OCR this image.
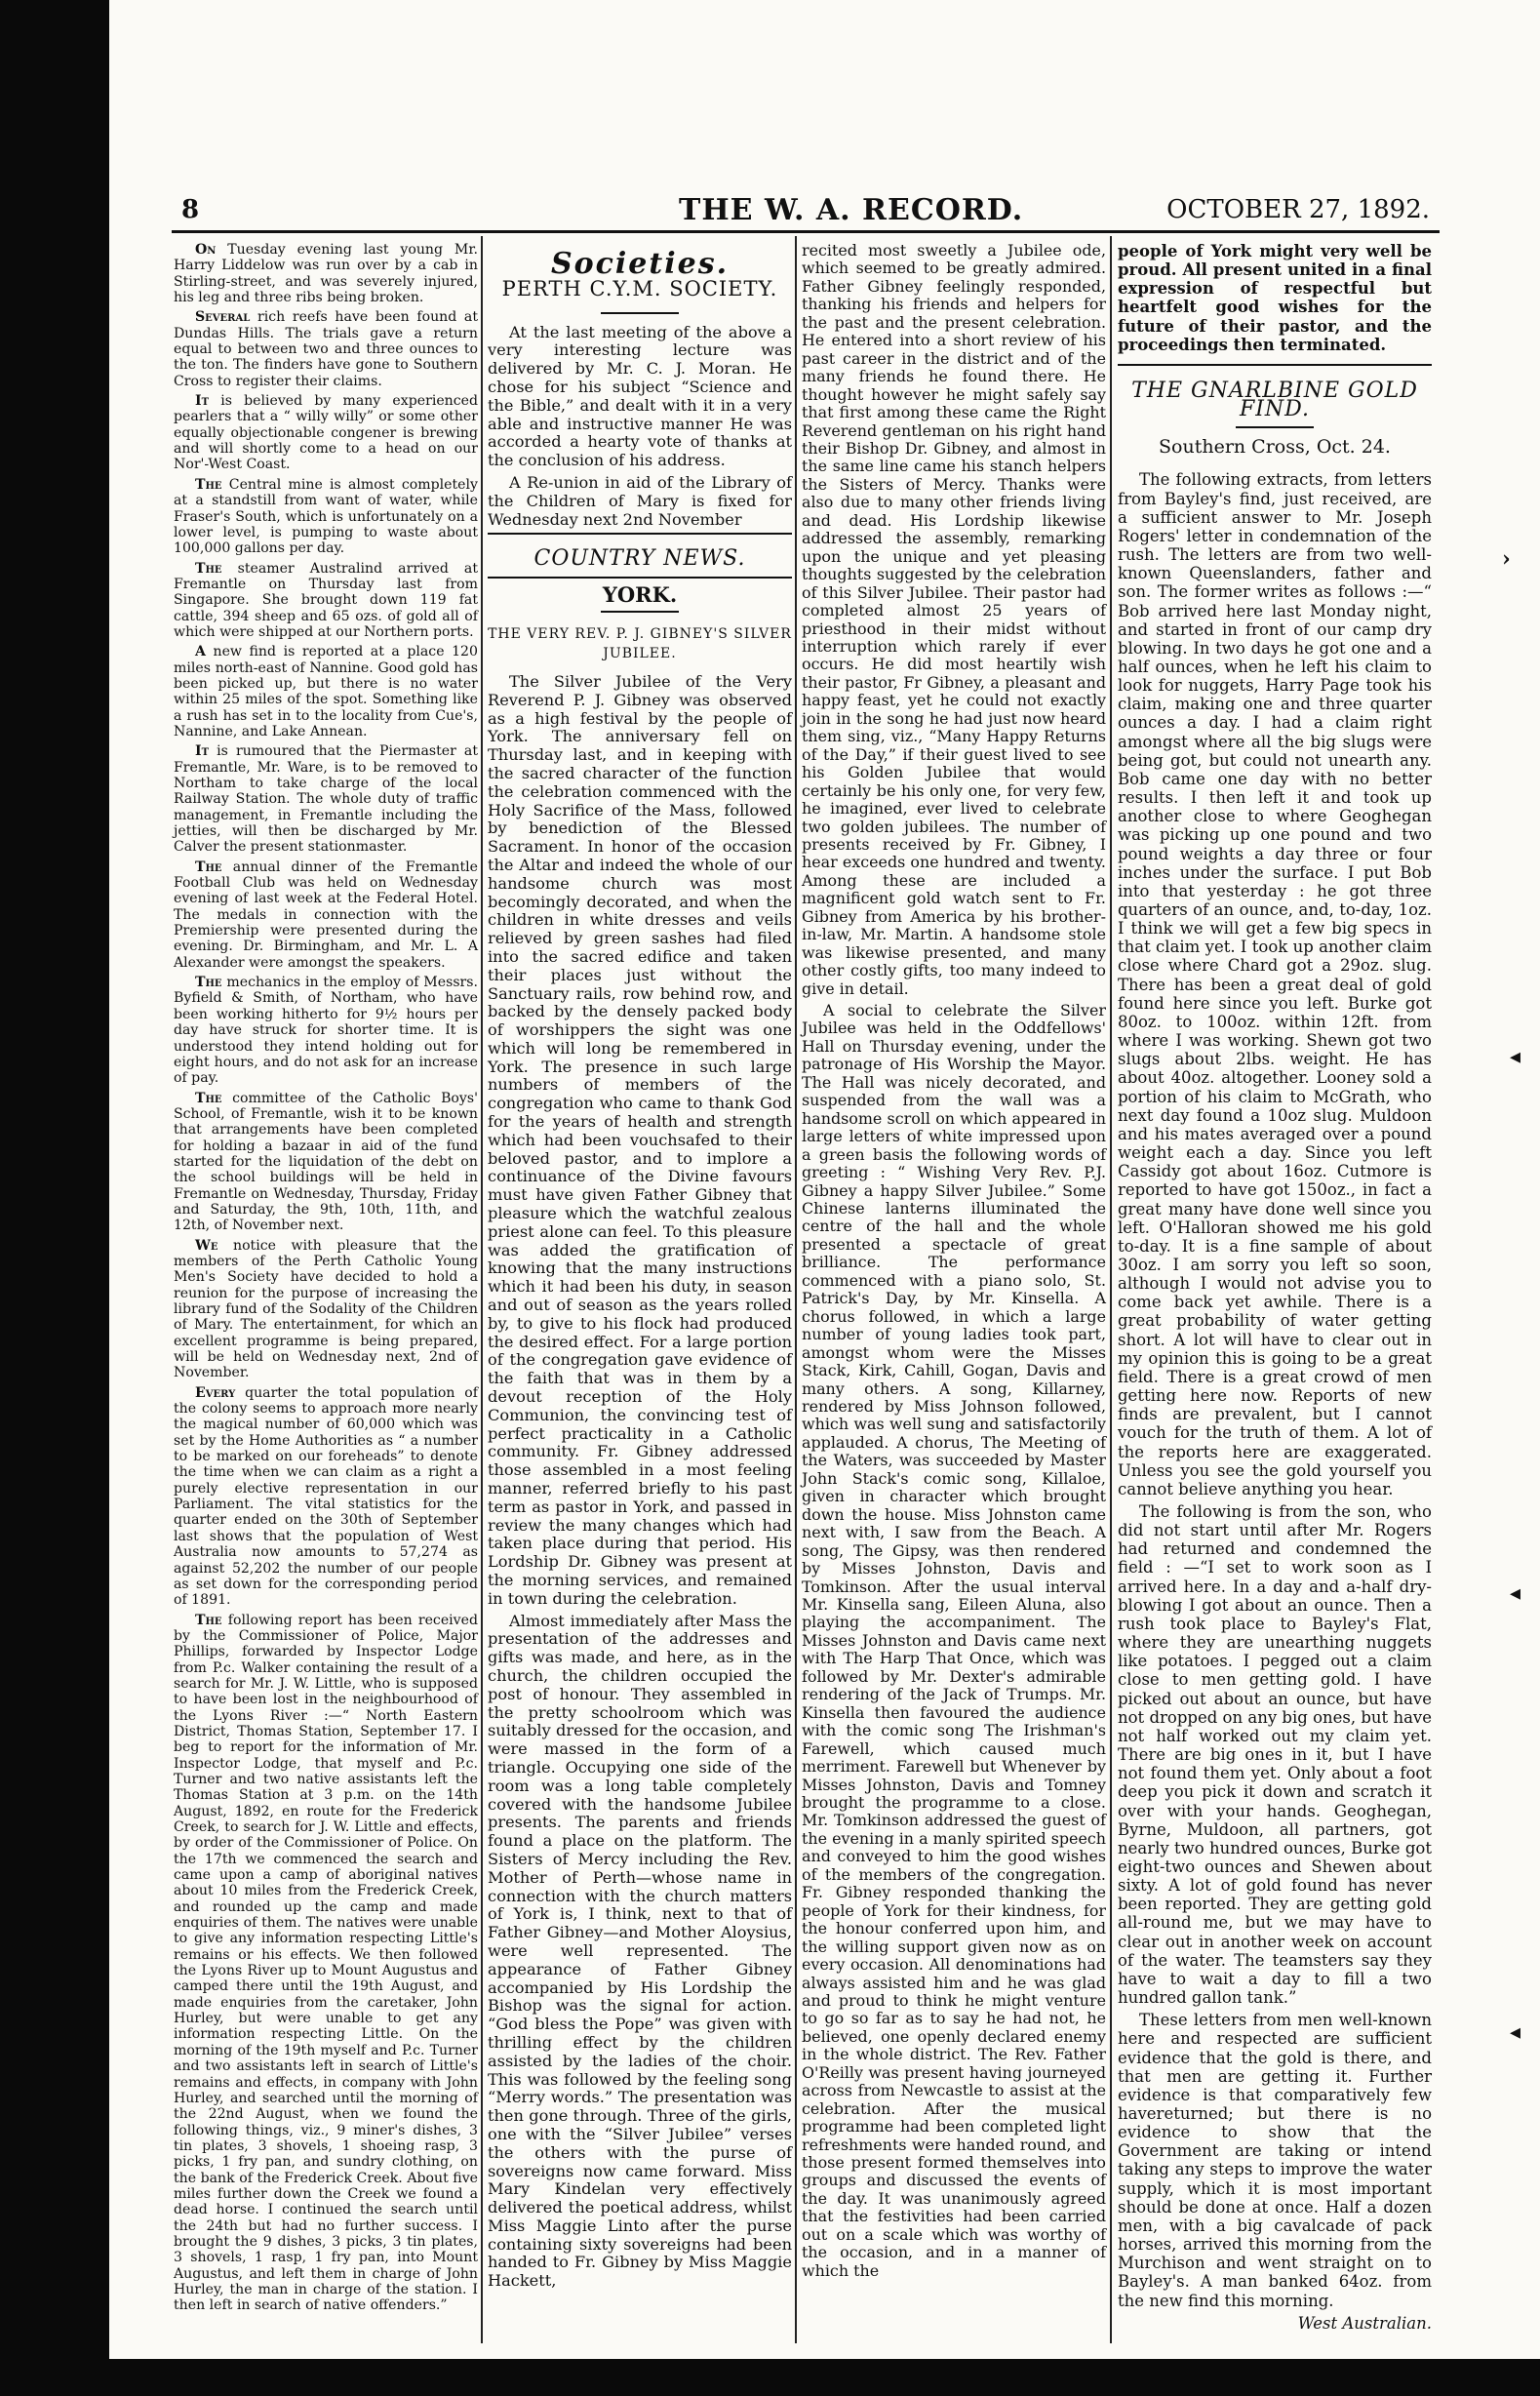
8	THE W. A. RECORD.	OCTOBER 27, 1892.

On Tuesday evening last young Mr. Harry Liddelow was run over by a cab in Stirling-street, and was severely injured, his leg and three ribs being broken.

Several rich reefs have been found at Dundas Hills. The trials gave a return equal to between two and three ounces to the ton. The finders have gone to Southern Cross to register their claims.

It is believed by many experienced pearlers that a “ willy willy” or some other equally objectionable congener is brewing and will shortly come to a head on our Nor'-West Coast.

The Central mine is almost completely at a standstill from want of water, while Fraser's South, which is unfortunately on a lower level, is pumping to waste about 100,000 gallons per day.

The steamer Australind arrived at Fremantle on Thursday last from Singapore. She brought down 119 fat cattle, 394 sheep and 65 ozs. of gold all of which were shipped at our Northern ports.

A new find is reported at a place 120 miles north-east of Nannine. Good gold has been picked up, but there is no water within 25 miles of the spot. Something like a rush has set in to the locality from Cue's, Nannine, and Lake Annean.

It is rumoured that the Piermaster at Fremantle, Mr. Ware, is to be removed to Northam to take charge of the local Railway Station. The whole duty of traffic management, in Fremantle including the jetties, will then be discharged by Mr. Calver the present stationmaster.

The annual dinner of the Fremantle Football Club was held on Wednesday evening of last week at the Federal Hotel. The medals in connection with the Premiership were presented during the evening. Dr. Birmingham, and Mr. L. A Alexander were amongst the speakers.

The mechanics in the employ of Messrs. Byfield & Smith, of Northam, who have been working hitherto for 9½ hours per day have struck for shorter time. It is understood they intend holding out for eight hours, and do not ask for an increase of pay.

The committee of the Catholic Boys' School, of Fremantle, wish it to be known that arrangements have been completed for holding a bazaar in aid of the fund started for the liquidation of the debt on the school buildings will be held in Fremantle on Wednesday, Thursday, Friday and Saturday, the 9th, 10th, 11th, and 12th, of November next.

We notice with pleasure that the members of the Perth Catholic Young Men's Society have decided to hold a reunion for the purpose of increasing the library fund of the Sodality of the Children of Mary. The entertainment, for which an excellent programme is being prepared, will be held on Wednesday next, 2nd of November.

Every quarter the total population of the colony seems to approach more nearly the magical number of 60,000 which was set by the Home Authorities as “ a number to be marked on our foreheads” to denote the time when we can claim as a right a purely elective representation in our Parliament. The vital statistics for the quarter ended on the 30th of September last shows that the population of West Australia now amounts to 57,274 as against 52,202 the number of our people as set down for the corresponding period of 1891.

The following report has been received by the Commissioner of Police, Major Phillips, forwarded by Inspector Lodge from P.c. Walker containing the result of a search for Mr. J. W. Little, who is supposed to have been lost in the neighbourhood of the Lyons River :—“ North Eastern District, Thomas Station, September 17. I beg to report for the information of Mr. Inspector Lodge, that myself and P.c. Turner and two native assistants left the Thomas Station at 3 p.m. on the 14th August, 1892, en route for the Frederick Creek, to search for J. W. Little and effects, by order of the Commissioner of Police. On the 17th we commenced the search and came upon a camp of aboriginal natives about 10 miles from the Frederick Creek, and rounded up the camp and made enquiries of them. The natives were unable to give any information respecting Little's remains or his effects. We then followed the Lyons River up to Mount Augustus and camped there until the 19th August, and made enquiries from the caretaker, John Hurley, but were unable to get any information respecting Little. On the morning of the 19th myself and P.c. Turner and two assistants left in search of Little's remains and effects, in company with John Hurley, and searched until the morning of the 22nd August, when we found the following things, viz., 9 miner's dishes, 3 tin plates, 3 shovels, 1 shoeing rasp, 3 picks, 1 fry pan, and sundry clothing, on the bank of the Frederick Creek. About five miles further down the Creek we found a dead horse. I continued the search until the 24th but had no further success. I brought the 9 dishes, 3 picks, 3 tin plates, 3 shovels, 1 rasp, 1 fry pan, into Mount Augustus, and left them in charge of John Hurley, the man in charge of the station. I then left in search of native offenders.”

Societies.
PERTH C.Y.M. SOCIETY.

At the last meeting of the above a very interesting lecture was delivered by Mr. C. J. Moran. He chose for his subject “Science and the Bible,” and dealt with it in a very able and instructive manner He was accorded a hearty vote of thanks at the conclusion of his address.

A Re-union in aid of the Library of the Children of Mary is fixed for Wednesday next 2nd November

COUNTRY NEWS.
YORK.
THE VERY REV. P. J. GIBNEY'S SILVER JUBILEE.

The Silver Jubilee of the Very Reverend P. J. Gibney was observed as a high festival by the people of York. The anniversary fell on Thursday last, and in keeping with the sacred character of the function the celebration commenced with the Holy Sacrifice of the Mass, followed by benediction of the Blessed Sacrament. In honor of the occasion the Altar and indeed the whole of our handsome church was most becomingly decorated, and when the children in white dresses and veils relieved by green sashes had filed into the sacred edifice and taken their places just without the Sanctuary rails, row behind row, and backed by the densely packed body of worshippers the sight was one which will long be remembered in York. The presence in such large numbers of members of the congregation who came to thank God for the years of health and strength which had been vouchsafed to their beloved pastor, and to implore a continuance of the Divine favours must have given Father Gibney that pleasure which the watchful zealous priest alone can feel. To this pleasure was added the gratification of knowing that the many instructions which it had been his duty, in season and out of season as the years rolled by, to give to his flock had produced the desired effect. For a large portion of the congregation gave evidence of the faith that was in them by a devout reception of the Holy Communion, the convincing test of perfect practicality in a Catholic community. Fr. Gibney addressed those assembled in a most feeling manner, referred briefly to his past term as pastor in York, and passed in review the many changes which had taken place during that period. His Lordship Dr. Gibney was present at the morning services, and remained in town during the celebration.

Almost immediately after Mass the presentation of the addresses and gifts was made, and here, as in the church, the children occupied the post of honour. They assembled in the pretty schoolroom which was suitably dressed for the occasion, and were massed in the form of a triangle. Occupying one side of the room was a long table completely covered with the handsome Jubilee presents. The parents and friends found a place on the platform. The Sisters of Mercy including the Rev. Mother of Perth—whose name in connection with the church matters of York is, I think, next to that of Father Gibney—and Mother Aloysius, were well represented. The appearance of Father Gibney accompanied by His Lordship the Bishop was the signal for action. “God bless the Pope” was given with thrilling effect by the children assisted by the ladies of the choir. This was followed by the feeling song “Merry words.” The presentation was then gone through. Three of the girls, one with the “Silver Jubilee” verses the others with the purse of sovereigns now came forward. Miss Mary Kindelan very effectively delivered the poetical address, whilst Miss Maggie Linto after the purse containing sixty sovereigns had been handed to Fr. Gibney by Miss Maggie Hackett,

recited most sweetly a Jubilee ode, which seemed to be greatly admired. Father Gibney feelingly responded, thanking his friends and helpers for the past and the present celebration. He entered into a short review of his past career in the district and of the many friends he found there. He thought however he might safely say that first among these came the Right Reverend gentleman on his right hand their Bishop Dr. Gibney, and almost in the same line came his stanch helpers the Sisters of Mercy. Thanks were also due to many other friends living and dead. His Lordship likewise addressed the assembly, remarking upon the unique and yet pleasing thoughts suggested by the celebration of this Silver Jubilee. Their pastor had completed almost 25 years of priesthood in their midst without interruption which rarely if ever occurs. He did most heartily wish their pastor, Fr Gibney, a pleasant and happy feast, yet he could not exactly join in the song he had just now heard them sing, viz., “Many Happy Returns of the Day,” if their guest lived to see his Golden Jubilee that would certainly be his only one, for very few, he imagined, ever lived to celebrate two golden jubilees. The number of presents received by Fr. Gibney, I hear exceeds one hundred and twenty. Among these are included a magnificent gold watch sent to Fr. Gibney from America by his brother-in-law, Mr. Martin. A handsome stole was likewise presented, and many other costly gifts, too many indeed to give in detail.

A social to celebrate the Silver Jubilee was held in the Oddfellows' Hall on Thursday evening, under the patronage of His Worship the Mayor. The Hall was nicely decorated, and suspended from the wall was a handsome scroll on which appeared in large letters of white impressed upon a green basis the following words of greeting : “ Wishing Very Rev. P.J. Gibney a happy Silver Jubilee.” Some Chinese lanterns illuminated the centre of the hall and the whole presented a spectacle of great brilliance. The performance commenced with a piano solo, St. Patrick's Day, by Mr. Kinsella. A chorus followed, in which a large number of young ladies took part, amongst whom were the Misses Stack, Kirk, Cahill, Gogan, Davis and many others. A song, Killarney, rendered by Miss Johnson followed, which was well sung and satisfactorily applauded. A chorus, The Meeting of the Waters, was succeeded by Master John Stack's comic song, Killaloe, given in character which brought down the house. Miss Johnston came next with, I saw from the Beach. A song, The Gipsy, was then rendered by Misses Johnston, Davis and Tomkinson. After the usual interval Mr. Kinsella sang, Eileen Aluna, also playing the accompaniment. The Misses Johnston and Davis came next with The Harp That Once, which was followed by Mr. Dexter's admirable rendering of the Jack of Trumps. Mr. Kinsella then favoured the audience with the comic song The Irishman's Farewell, which caused much merriment. Farewell but Whenever by Misses Johnston, Davis and Tomney brought the programme to a close. Mr. Tomkinson addressed the guest of the evening in a manly spirited speech and conveyed to him the good wishes of the members of the congregation. Fr. Gibney responded thanking the people of York for their kindness, for the honour conferred upon him, and the willing support given now as on every occasion. All denominations had always assisted him and he was glad and proud to think he might venture to go so far as to say he had not, he believed, one openly declared enemy in the whole district. The Rev. Father O'Reilly was present having journeyed across from Newcastle to assist at the celebration. After the musical programme had been completed light refreshments were handed round, and those present formed themselves into groups and discussed the events of the day. It was unanimously agreed that the festivities had been carried out on a scale which was worthy of the occasion, and in a manner of which the

people of York might very well be proud. All present united in a final expression of respectful but heartfelt good wishes for the future of their pastor, and the proceedings then terminated.

THE GNARLBINE GOLD FIND.
Southern Cross, Oct. 24.

The following extracts, from letters from Bayley's find, just received, are a sufficient answer to Mr. Joseph Rogers' letter in condemnation of the rush. The letters are from two well-known Queenslanders, father and son. The former writes as follows :—“ Bob arrived here last Monday night, and started in front of our camp dry blowing. In two days he got one and a half ounces, when he left his claim to look for nuggets, Harry Page took his claim, making one and three quarter ounces a day. I had a claim right amongst where all the big slugs were being got, but could not unearth any. Bob came one day with no better results. I then left it and took up another close to where Geoghegan was picking up one pound and two pound weights a day three or four inches under the surface. I put Bob into that yesterday : he got three quarters of an ounce, and, to-day, 1oz. I think we will get a few big specs in that claim yet. I took up another claim close where Chard got a 29oz. slug. There has been a great deal of gold found here since you left. Burke got 80oz. to 100oz. within 12ft. from where I was working. Shewn got two slugs about 2lbs. weight. He has about 40oz. altogether. Looney sold a portion of his claim to McGrath, who next day found a 10oz slug. Muldoon and his mates averaged over a pound weight each a day. Since you left Cassidy got about 16oz. Cutmore is reported to have got 150oz., in fact a great many have done well since you left. O'Halloran showed me his gold to-day. It is a fine sample of about 30oz. I am sorry you left so soon, although I would not advise you to come back yet awhile. There is a great probability of water getting short. A lot will have to clear out in my opinion this is going to be a great field. There is a great crowd of men getting here now. Reports of new finds are prevalent, but I cannot vouch for the truth of them. A lot of the reports here are exaggerated. Unless you see the gold yourself you cannot believe anything you hear.

The following is from the son, who did not start until after Mr. Rogers had returned and condemned the field : —“I set to work soon as I arrived here. In a day and a-half dry-blowing I got about an ounce. Then a rush took place to Bayley's Flat, where they are unearthing nuggets like potatoes. I pegged out a claim close to men getting gold. I have picked out about an ounce, but have not dropped on any big ones, but have not half worked out my claim yet. There are big ones in it, but I have not found them yet. Only about a foot deep you pick it down and scratch it over with your hands. Geoghegan, Byrne, Muldoon, all partners, got nearly two hundred ounces, Burke got eight-two ounces and Shewen about sixty. A lot of gold found has never been reported. They are getting gold all-round me, but we may have to clear out in another week on account of the water. The teamsters say they have to wait a day to fill a two hundred gallon tank.”

These letters from men well-known here and respected are sufficient evidence that the gold is there, and that men are getting it. Further evidence is that comparatively few havereturned; but there is no evidence to show that the Government are taking or intend taking any steps to improve the water supply, which it is most important should be done at once. Half a dozen men, with a big cavalcade of pack horses, arrived this morning from the Murchison and went straight on to Bayley's. A man banked 64oz. from the new find this morning.

West Australian.
›
◂
◂
◂
